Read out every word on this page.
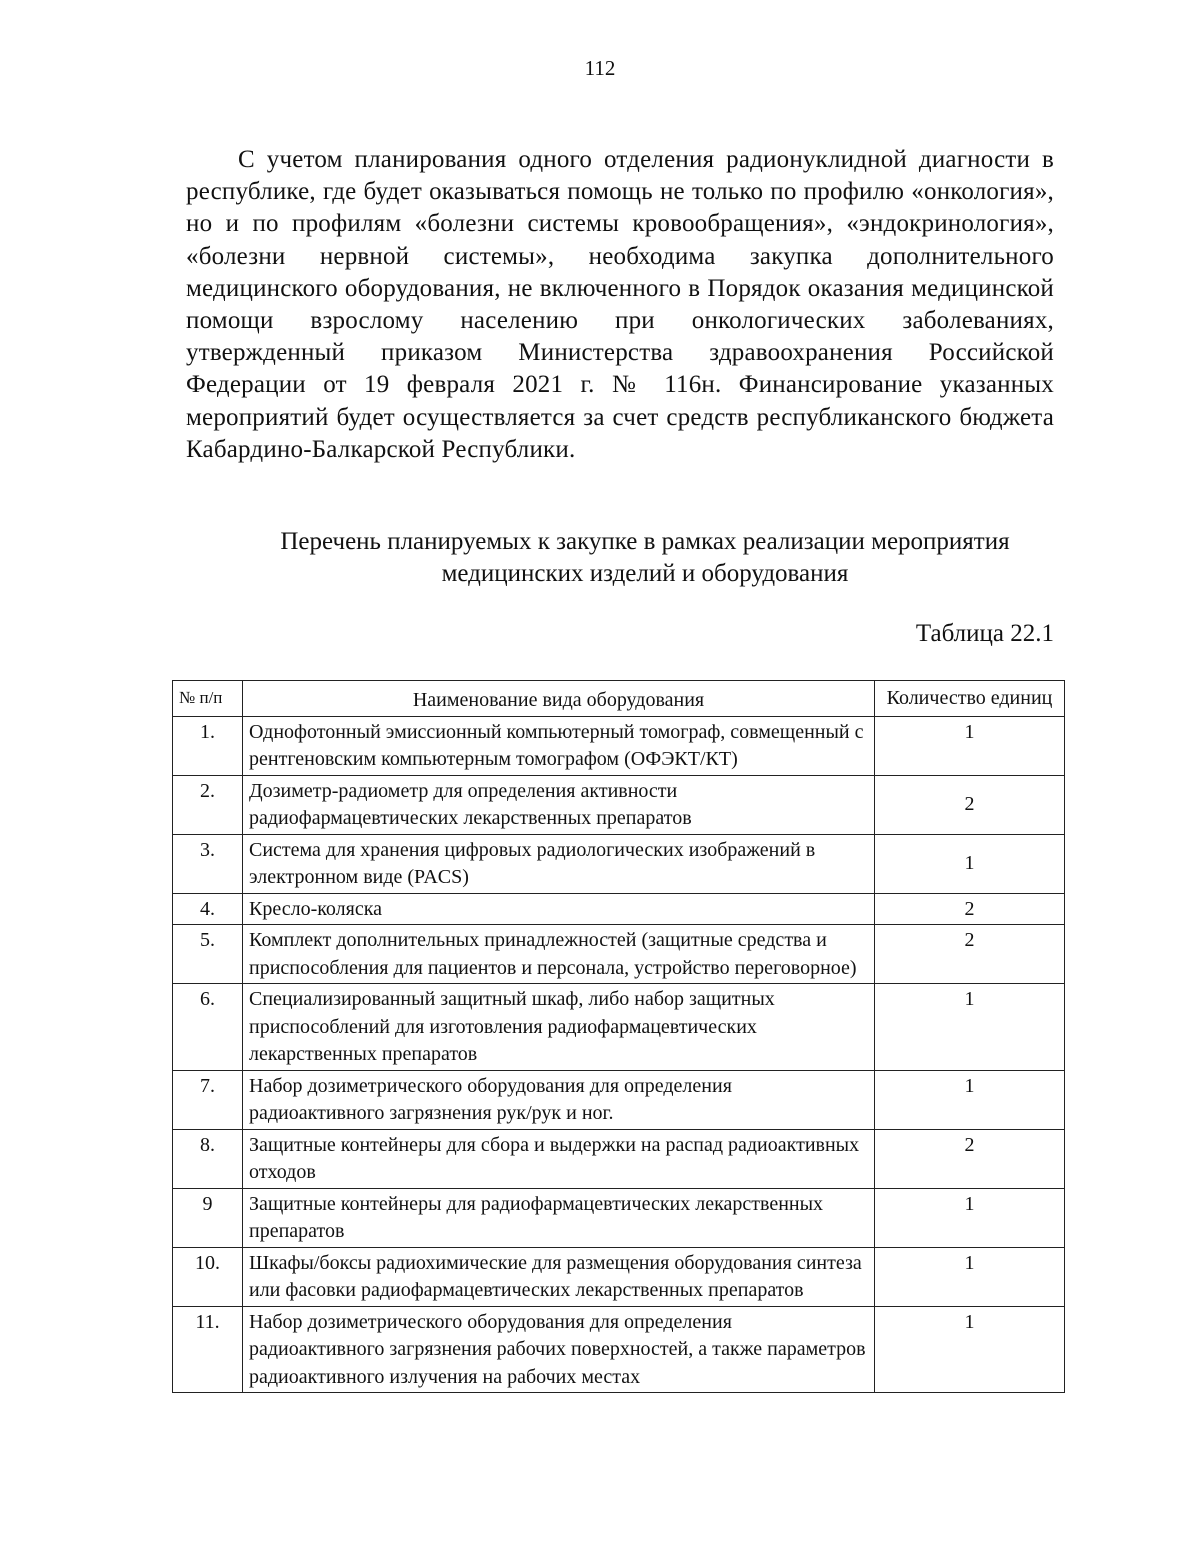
112

С учетом планирования одного отделения радионуклидной диагности в республике, где будет оказываться помощь не только по профилю «онкология», но и по профилям «болезни системы кровообращения», «эндокринология», «болезни нервной системы», необходима закупка дополнительного медицинского оборудования, не включенного в Порядок оказания медицинской помощи взрослому населению при онкологических заболеваниях, утвержденный приказом Министерства здравоохранения Российской Федерации от 19 февраля 2021 г. № 116н. Финансирование указанных мероприятий будет осуществляется за счет средств республиканского бюджета Кабардино-Балкарской Республики.

Перечень планируемых к закупке в рамках реализации мероприятия
медицинских изделий и оборудования

Таблица 22.1
№ п/п	Наименование вида оборудования	Количество единиц
1.	Однофотонный эмиссионный компьютерный томограф, совмещенный с рентгеновским компьютерным томографом (ОФЭКТ/КТ)	1
2.	Дозиметр-радиометр для определения активности радиофармацевтических лекарственных препаратов	2
3.	Система для хранения цифровых радиологических изображений в электронном виде (PACS)	1
4.	Кресло-коляска	2
5.	Комплект дополнительных принадлежностей (защитные средства и приспособления для пациентов и персонала, устройство переговорное)	2
6.	Специализированный защитный шкаф, либо набор защитных приспособлений для изготовления радиофармацевтических лекарственных препаратов	1
7.	Набор дозиметрического оборудования для определения радиоактивного загрязнения рук/рук и ног.	1
8.	Защитные контейнеры для сбора и выдержки на распад радиоактивных отходов	2
9	Защитные контейнеры для радиофармацевтических лекарственных препаратов	1
10.	Шкафы/боксы радиохимические для размещения оборудования синтеза или фасовки радиофармацевтических лекарственных препаратов	1
11.	Набор дозиметрического оборудования для определения радиоактивного загрязнения рабочих поверхностей, а также параметров радиоактивного излучения на рабочих местах	1
